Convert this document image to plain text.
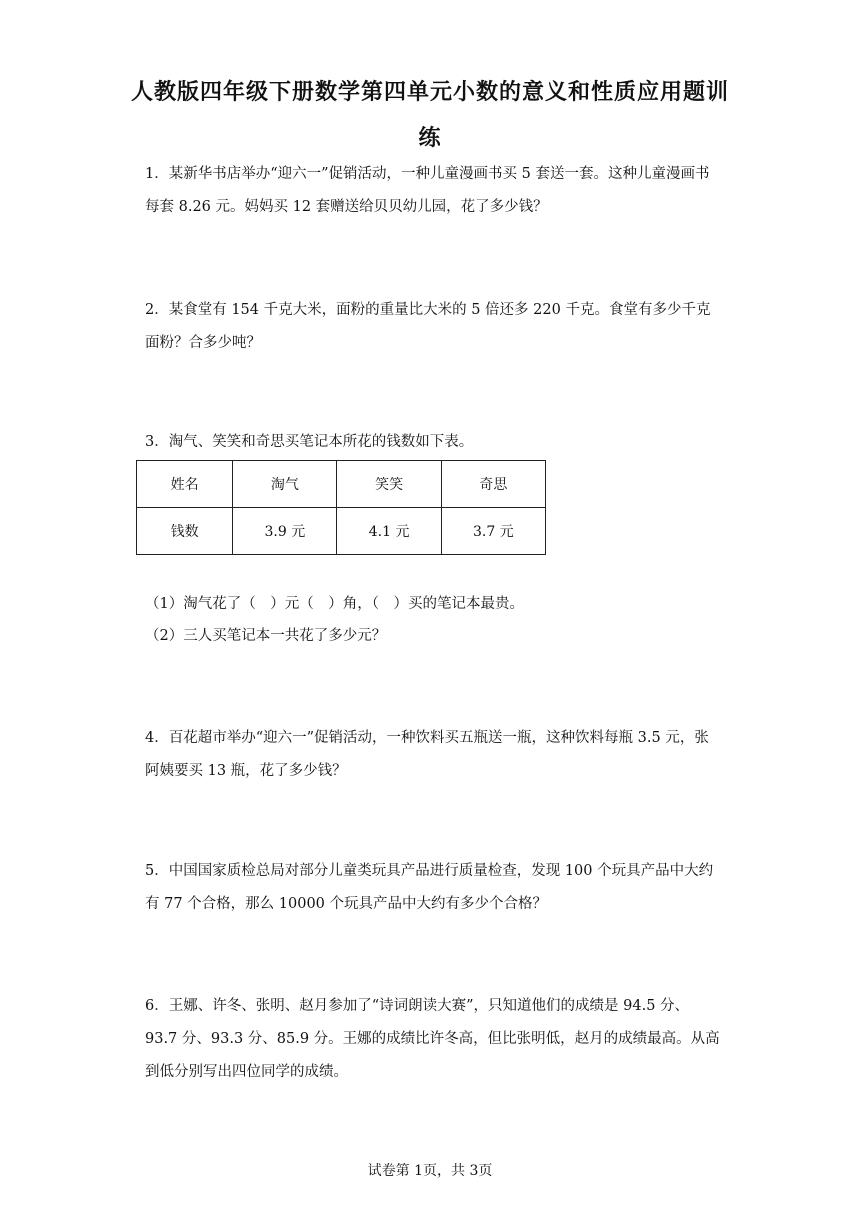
人教版四年级下册数学第四单元小数的意义和性质应用题训
练

1．某新华书店举办“迎六一”促销活动，一种儿童漫画书买 5 套送一套。这种儿童漫画书每套 8.26 元。妈妈买 12 套赠送给贝贝幼儿园，花了多少钱？

2．某食堂有 154 千克大米，面粉的重量比大米的 5 倍还多 220 千克。食堂有多少千克面粉？合多少吨？

3．淘气、笑笑和奇思买笔记本所花的钱数如下表。

姓名	淘气	笑笑	奇思
钱数	3.9 元	4.1 元	3.7 元

（1）淘气花了（　）元（　）角，（　）买的笔记本最贵。

（2）三人买笔记本一共花了多少元？

4．百花超市举办“迎六一”促销活动，一种饮料买五瓶送一瓶，这种饮料每瓶 3.5 元，张阿姨要买 13 瓶，花了多少钱？

5．中国国家质检总局对部分儿童类玩具产品进行质量检查，发现 100 个玩具产品中大约有 77 个合格，那么 10000 个玩具产品中大约有多少个合格？

6．王娜、许冬、张明、赵月参加了“诗词朗读大赛”，只知道他们的成绩是 94.5 分、93.7 分、93.3 分、85.9 分。王娜的成绩比许冬高，但比张明低，赵月的成绩最高。从高到低分别写出四位同学的成绩。

试卷第 1页，共 3页
